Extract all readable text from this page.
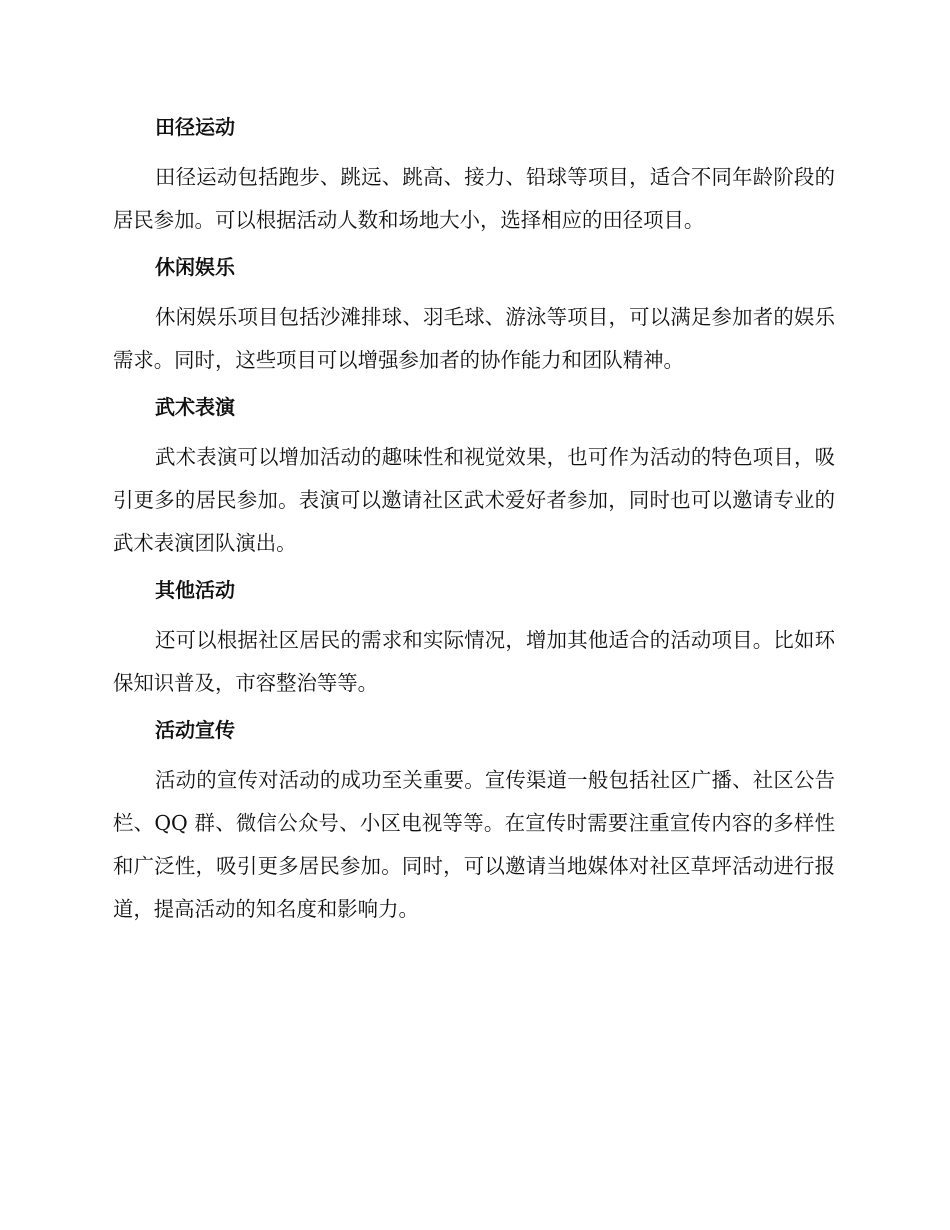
田径运动

田径运动包括跑步、跳远、跳高、接力、铅球等项目，适合不同年龄阶段的居民参加。可以根据活动人数和场地大小，选择相应的田径项目。

休闲娱乐

休闲娱乐项目包括沙滩排球、羽毛球、游泳等项目，可以满足参加者的娱乐需求。同时，这些项目可以增强参加者的协作能力和团队精神。

武术表演

武术表演可以增加活动的趣味性和视觉效果，也可作为活动的特色项目，吸引更多的居民参加。表演可以邀请社区武术爱好者参加，同时也可以邀请专业的武术表演团队演出。

其他活动

还可以根据社区居民的需求和实际情况，增加其他适合的活动项目。比如环保知识普及，市容整治等等。

活动宣传

活动的宣传对活动的成功至关重要。宣传渠道一般包括社区广播、社区公告栏、QQ 群、微信公众号、小区电视等等。在宣传时需要注重宣传内容的多样性和广泛性，吸引更多居民参加。同时，可以邀请当地媒体对社区草坪活动进行报道，提高活动的知名度和影响力。
